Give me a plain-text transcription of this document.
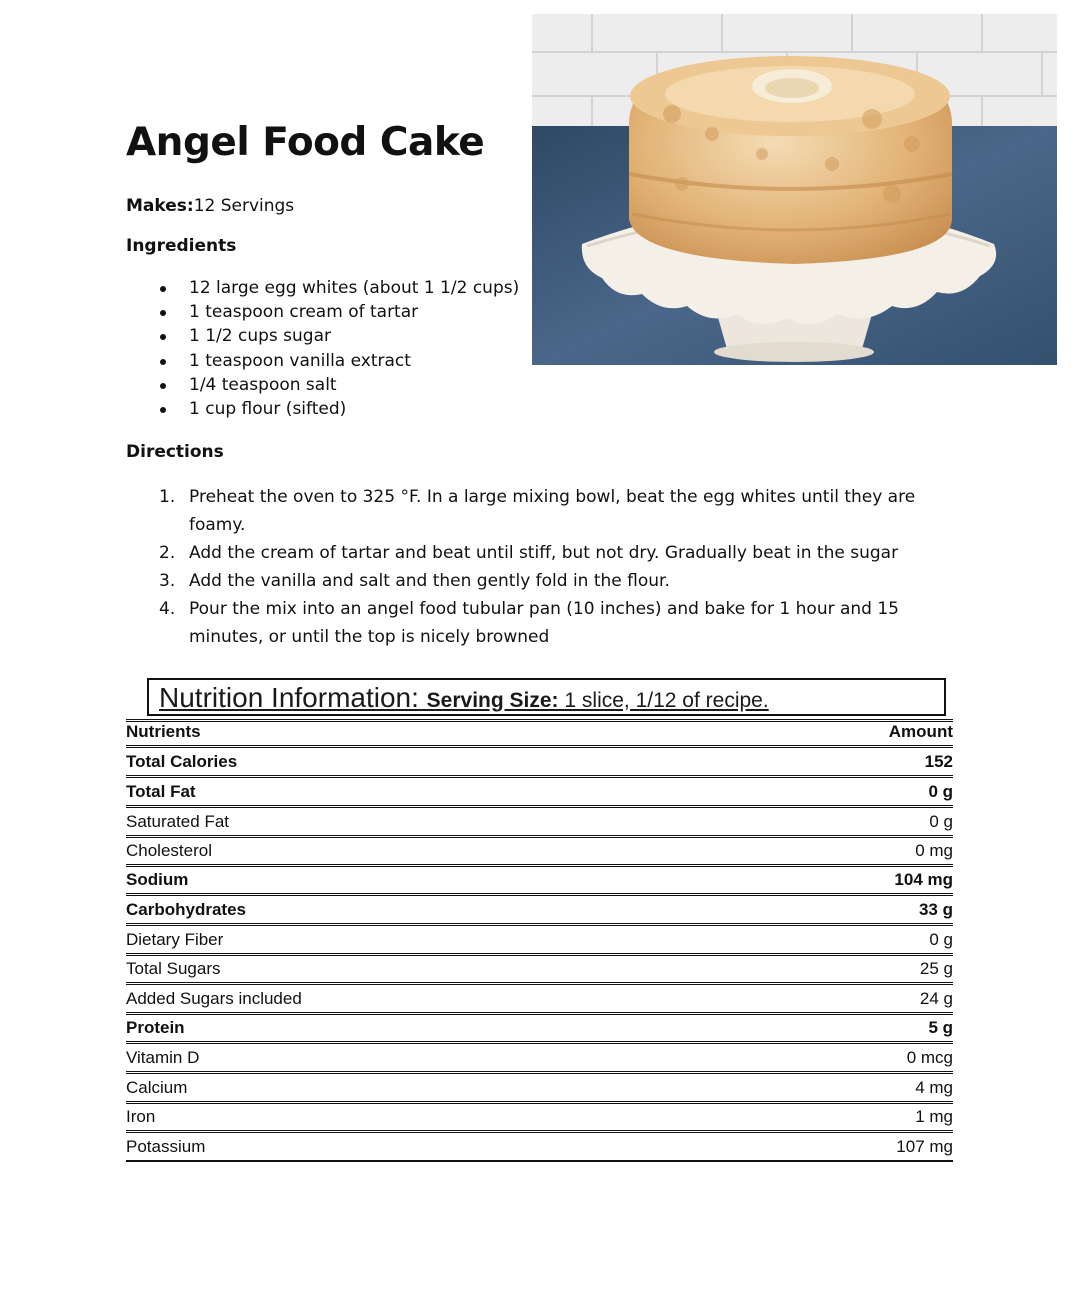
Angel Food Cake
Makes:12 Servings
Ingredients
12 large egg whites (about 1 1/2 cups)
1 teaspoon cream of tartar
1 1/2 cups sugar
1 teaspoon vanilla extract
1/4 teaspoon salt
1 cup flour (sifted)
Directions
1. Preheat the oven to 325 °F. In a large mixing bowl, beat the egg whites until they are foamy.
2. Add the cream of tartar and beat until stiff, but not dry. Gradually beat in the sugar
3. Add the vanilla and salt and then gently fold in the flour.
4. Pour the mix into an angel food tubular pan (10 inches) and bake for 1 hour and 15 minutes, or until the top is nicely browned
Nutrition Information: Serving Size: 1 slice, 1/12 of recipe.
Nutrients	Amount
Total Calories	152
Total Fat	0 g
Saturated Fat	0 g
Cholesterol	0 mg
Sodium	104 mg
Carbohydrates	33 g
Dietary Fiber	0 g
Total Sugars	25 g
Added Sugars included	24 g
Protein	5 g
Vitamin D	0 mcg
Calcium	4 mg
Iron	1 mg
Potassium	107 mg
